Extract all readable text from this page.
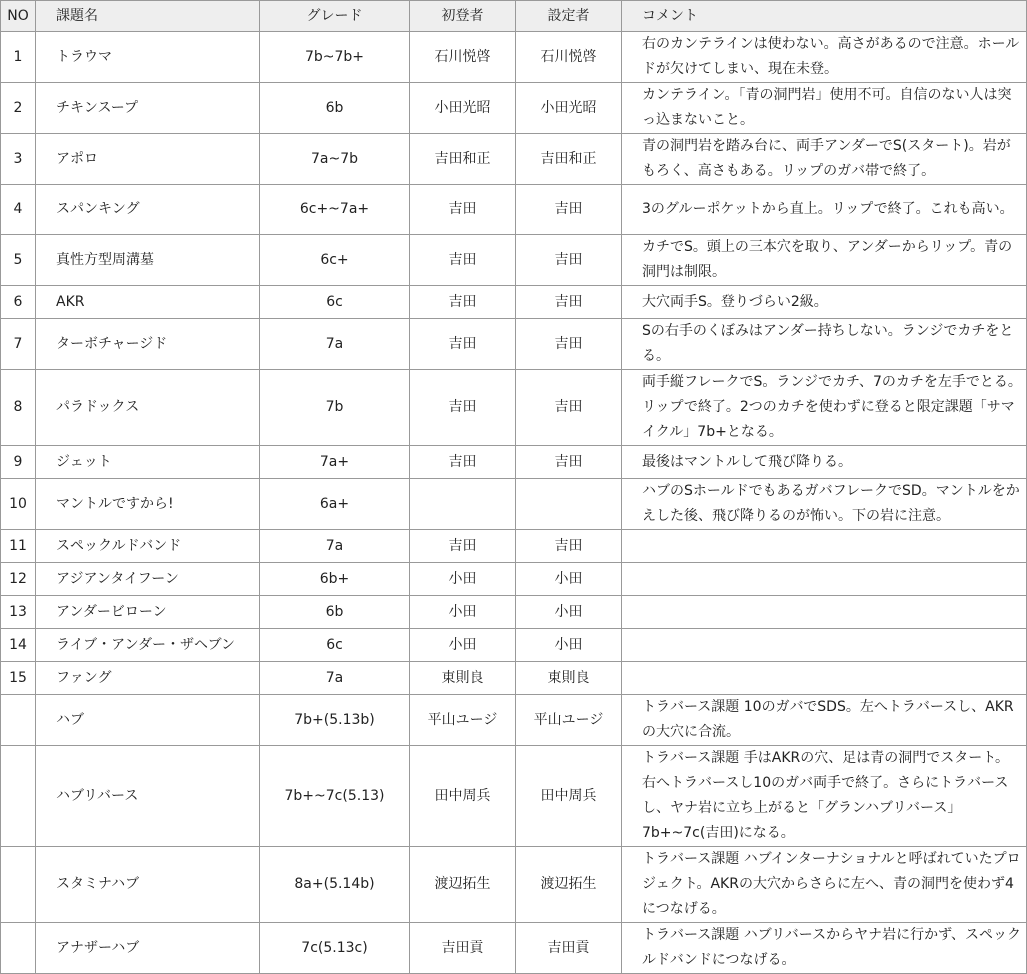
NO	課題名	グレード	初登者	設定者	コメント
1	トラウマ	7b~7b+	石川悦啓	石川悦啓	右のカンテラインは使わない。高さがあるので注意。ホールドが欠けてしまい、現在未登。
2	チキンスープ	6b	小田光昭	小田光昭	カンテライン。「青の洞門岩」使用不可。自信のない人は突っ込まないこと。
3	アポロ	7a~7b	吉田和正	吉田和正	青の洞門岩を踏み台に、両手アンダーでS(スタート)。岩がもろく、高さもある。リップのガバ帯で終了。
4	スパンキング	6c+~7a+	吉田	吉田	3のグルーポケットから直上。リップで終了。これも高い。
5	真性方型周溝墓	6c+	吉田	吉田	カチでS。頭上の三本穴を取り、アンダーからリップ。青の洞門は制限。
6	AKR	6c	吉田	吉田	大穴両手S。登りづらい2級。
7	ターボチャージド	7a	吉田	吉田	Sの右手のくぼみはアンダー持ちしない。ランジでカチをとる。
8	パラドックス	7b	吉田	吉田	両手縦フレークでS。ランジでカチ、7のカチを左手でとる。リップで終了。2つのカチを使わずに登ると限定課題「サマイクル」7b+となる。
9	ジェット	7a+	吉田	吉田	最後はマントルして飛び降りる。
10	マントルですから!	6a+			ハブのSホールドでもあるガバフレークでSD。マントルをかえした後、飛び降りるのが怖い。下の岩に注意。
11	スペックルドバンド	7a	吉田	吉田	
12	アジアンタイフーン	6b+	小田	小田	
13	アンダービローン	6b	小田	小田	
14	ライブ・アンダー・ザヘブン	6c	小田	小田	
15	ファング	7a	東則良	東則良	
	ハブ	7b+(5.13b)	平山ユージ	平山ユージ	トラバース課題 10のガバでSDS。左へトラバースし、AKRの大穴に合流。
	ハブリバース	7b+~7c(5.13)	田中周兵	田中周兵	トラバース課題 手はAKRの穴、足は青の洞門でスタート。右へトラバースし10のガバ両手で終了。さらにトラバースし、ヤナ岩に立ち上がると「グランハブリバース」7b+~7c(吉田)になる。
	スタミナハブ	8a+(5.14b)	渡辺拓生	渡辺拓生	トラバース課題 ハブインターナショナルと呼ばれていたプロジェクト。AKRの大穴からさらに左へ、青の洞門を使わず4につなげる。
	アナザーハブ	7c(5.13c)	吉田貢	吉田貢	トラバース課題 ハブリバースからヤナ岩に行かず、スペックルドバンドにつなげる。
